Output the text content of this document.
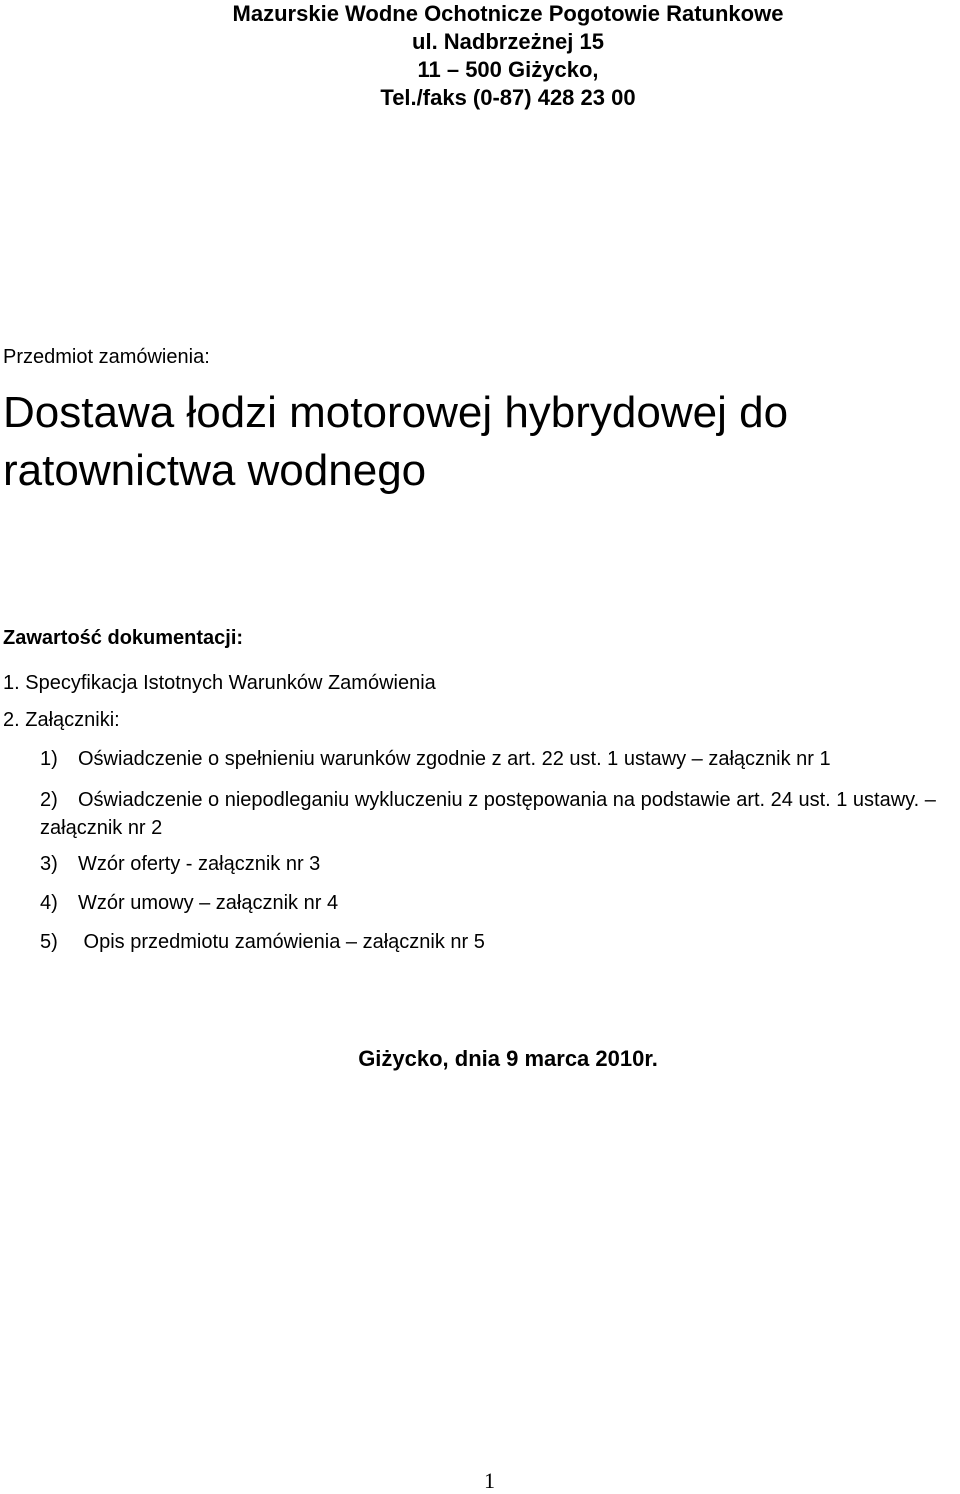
Mazurskie Wodne Ochotnicze Pogotowie Ratunkowe
ul. Nadbrzeżnej 15
11 – 500 Giżycko,
Tel./faks (0-87) 428 23 00
Przedmiot zamówienia:
Dostawa łodzi motorowej hybrydowej do ratownictwa wodnego
Zawartość dokumentacji:
1. Specyfikacja Istotnych Warunków Zamówienia
2. Załączniki:
1) Oświadczenie o spełnieniu warunków zgodnie z art. 22 ust. 1 ustawy – załącznik nr 1
2) Oświadczenie o niepodleganiu wykluczeniu z postępowania na podstawie art. 24 ust. 1 ustawy. – załącznik nr 2
3) Wzór oferty - załącznik nr 3
4) Wzór umowy – załącznik nr 4
5) Opis przedmiotu zamówienia – załącznik nr 5
Giżycko, dnia 9 marca 2010r.
1
